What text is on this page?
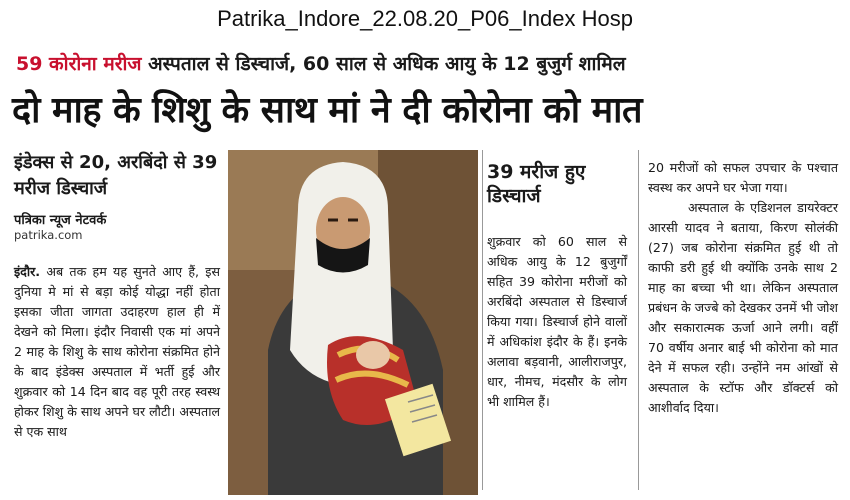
Patrika_Indore_22.08.20_P06_Index Hosp
59 कोरोना मरीज अस्पताल से डिस्चार्ज, 60 साल से अधिक आयु के 12 बुजुर्ग शामिल
दो माह के शिशु के साथ मां ने दी कोरोना को मात
इंडेक्स से 20, अरबिंदो से 39 मरीज डिस्चार्ज
पत्रिका न्यूज नेटवर्क
patrika.com
इंदौर. अब तक हम यह सुनते आए हैं, इस दुनिया मे मां से बड़ा कोई योद्धा नहीं होता इसका जीता जागता उदाहरण हाल ही में देखने को मिला। इंदौर निवासी एक मां अपने 2 माह के शिशु के साथ कोरोना संक्रमित होने के बाद इंडेक्स अस्पताल में भर्ती हुई और शुक्रवार को 14 दिन बाद वह पूरी तरह स्वस्थ होकर शिशु के साथ अपने घर लौटी। अस्पताल से एक साथ
39 मरीज हुए डिस्चार्ज
शुक्रवार को 60 साल से अधिक आयु के 12 बुजुर्गों सहित 39 कोरोना मरीजों को अरबिंदो अस्पताल से डिस्चार्ज किया गया। डिस्चार्ज होने वालों में अधिकांश इंदौर के हैं। इनके अलावा बड़वानी, आलीराजपुर, धार, नीमच, मंदसौर के लोग भी शामिल हैं।
20 मरीजों को सफल उपचार के पश्चात स्वस्थ कर अपने घर भेजा गया।
अस्पताल के एडिशनल डायरेक्टर आरसी यादव ने बताया, किरण सोलंकी (27) जब कोरोना संक्रमित हुई थी तो काफी डरी हुई थी क्योंकि उनके साथ 2 माह का बच्चा भी था। लेकिन अस्पताल प्रबंधन के जज्बे को देखकर उनमें भी जोश और सकारात्मक ऊर्जा आने लगी। वहीं 70 वर्षीय अनार बाई भी कोरोना को मात देने में सफल रही। उन्होंने नम आंखों से अस्पताल के स्टॉफ और डॉक्टर्स को आशीर्वाद दिया।
